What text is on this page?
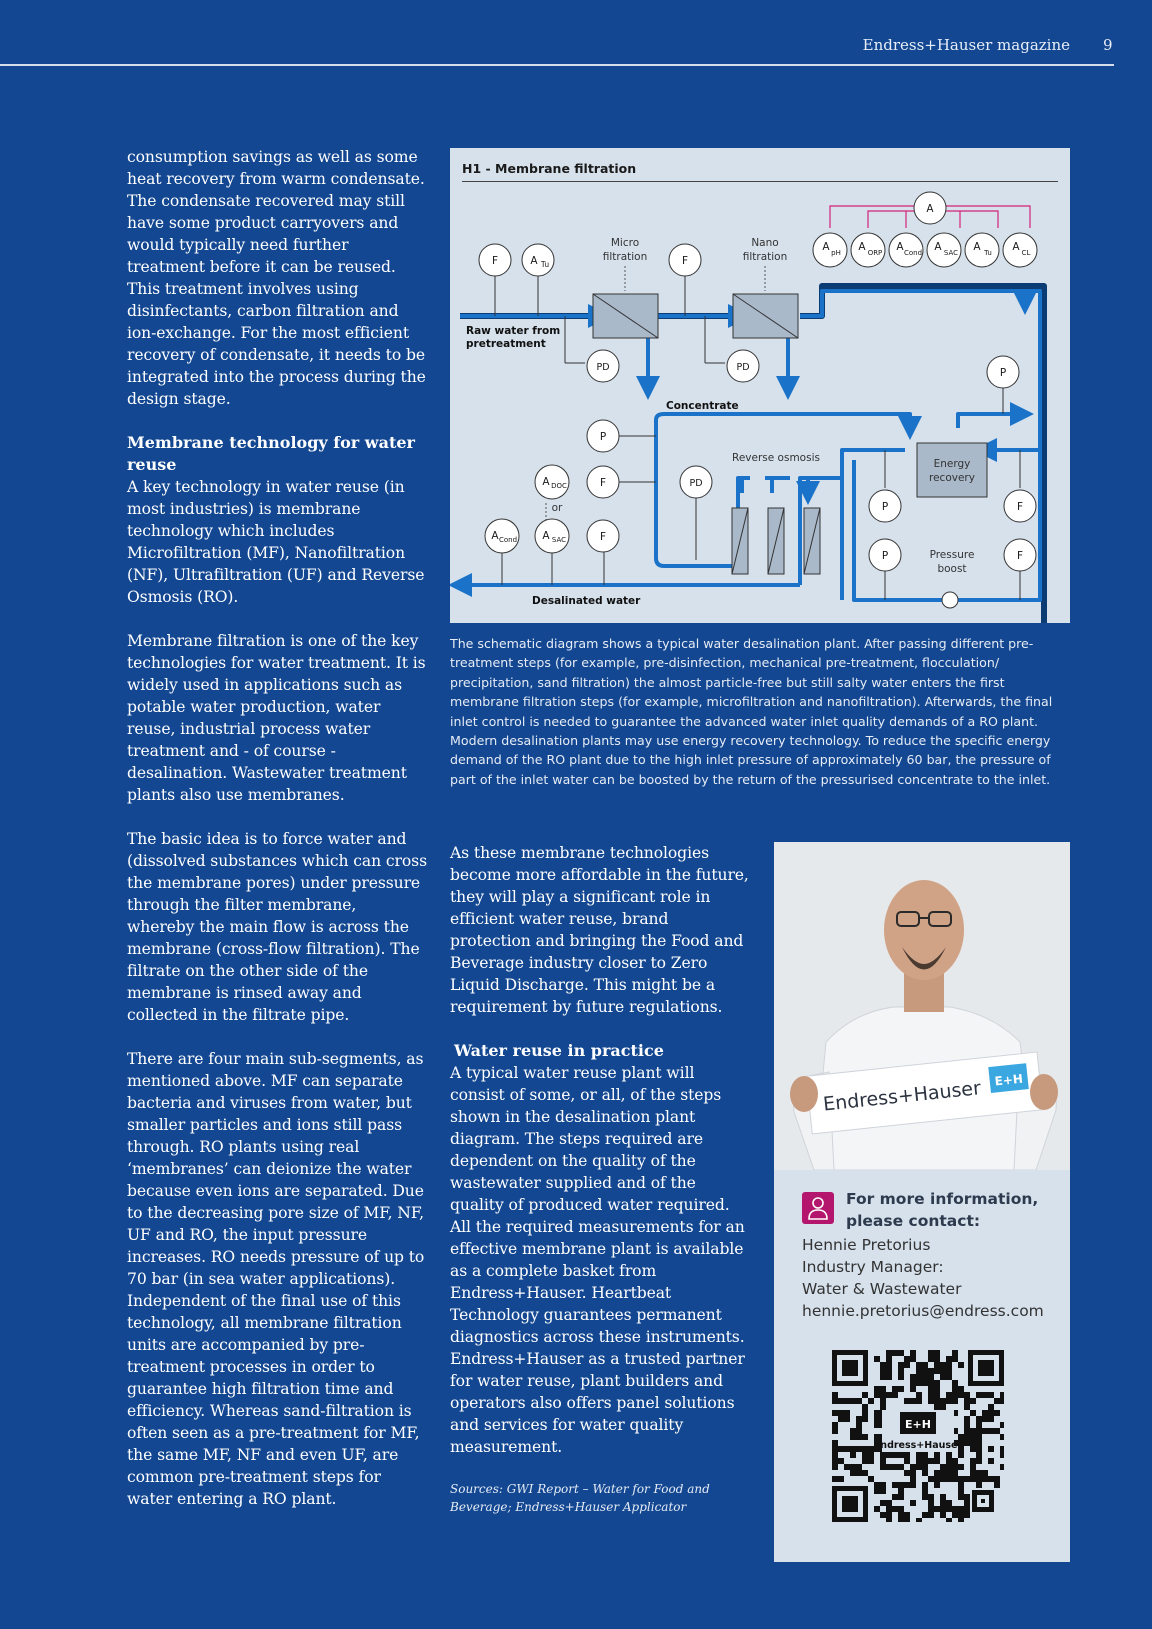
Endress+Hauser magazine 9

consumption savings as well as some heat recovery from warm condensate. The condensate recovered may still have some product carryovers and would typically need further treatment before it can be reused. This treatment involves using disinfectants, carbon filtration and ion-exchange. For the most efficient recovery of condensate, it needs to be integrated into the process during the design stage.

Membrane technology for water reuse

A key technology in water reuse (in most industries) is membrane technology which includes Microfiltration (MF), Nanofiltration (NF), Ultrafiltration (UF) and Reverse Osmosis (RO).

Membrane filtration is one of the key technologies for water treatment. It is widely used in applications such as potable water production, water reuse, industrial process water treatment and - of course - desalination. Wastewater treatment plants also use membranes.

The basic idea is to force water and (dissolved substances which can cross the membrane pores) under pressure through the filter membrane, whereby the main flow is across the membrane (cross-flow filtration). The filtrate on the other side of the membrane is rinsed away and collected in the filtrate pipe.

There are four main sub-segments, as mentioned above. MF can separate bacteria and viruses from water, but smaller particles and ions still pass through. RO plants using real ‘membranes’ can deionize the water because even ions are separated. Due to the decreasing pore size of MF, NF, UF and RO, the input pressure increases. RO needs pressure of up to 70 bar (in sea water applications). Independent of the final use of this technology, all membrane filtration units are accompanied by pre-treatment processes in order to guarantee high filtration time and efficiency. Whereas sand-filtration is often seen as a pre-treatment for MF, the same MF, NF and even UF, are common pre-treatment steps for water entering a RO plant.

H1 - Membrane filtration
F	A Tu	F
PD	PD
A
A pH A ORP A Cond A SAC A Tu A CL
P
F
F
A DOC
A SAC
A Cond
PD
P
P
P
F
F
Micro
filtration
Nano
filtration
Reverse osmosis	Energy
recovery
Pressure
boost
or
Raw water from
pretreatment
Concentrate
Desalinated water
The schematic diagram shows a typical water desalination plant. After passing different pre-treatment steps (for example, pre-disinfection, mechanical pre-treatment, flocculation/ precipitation, sand filtration) the almost particle-free but still salty water enters the first membrane filtration steps (for example, microfiltration and nanofiltration). Afterwards, the final inlet control is needed to guarantee the advanced water inlet quality demands of a RO plant. Modern desalination plants may use energy recovery technology. To reduce the specific energy demand of the RO plant due to the high inlet pressure of approximately 60 bar, the pressure of part of the inlet water can be boosted by the return of the pressurised concentrate to the inlet.

As these membrane technologies become more affordable in the future, they will play a significant role in efficient water reuse, brand protection and bringing the Food and Beverage industry closer to Zero Liquid Discharge. This might be a requirement by future regulations.

Water reuse in practice

A typical water reuse plant will consist of some, or all, of the steps shown in the desalination plant diagram. The steps required are dependent on the quality of the wastewater supplied and of the quality of produced water required. All the required measurements for an effective membrane plant is available as a complete basket from Endress+Hauser. Heartbeat Technology guarantees permanent diagnostics across these instruments. Endress+Hauser as a trusted partner for water reuse, plant builders and operators also offers panel solutions and services for water quality measurement.

Sources: GWI Report – Water for Food and Beverage; Endress+Hauser Applicator
Endress+Hauser E+H
For more information, please contact:
Hennie Pretorius
Industry Manager:
Water & Wastewater
hennie.pretorius@endress.com
E+H
Endress+Hauser
